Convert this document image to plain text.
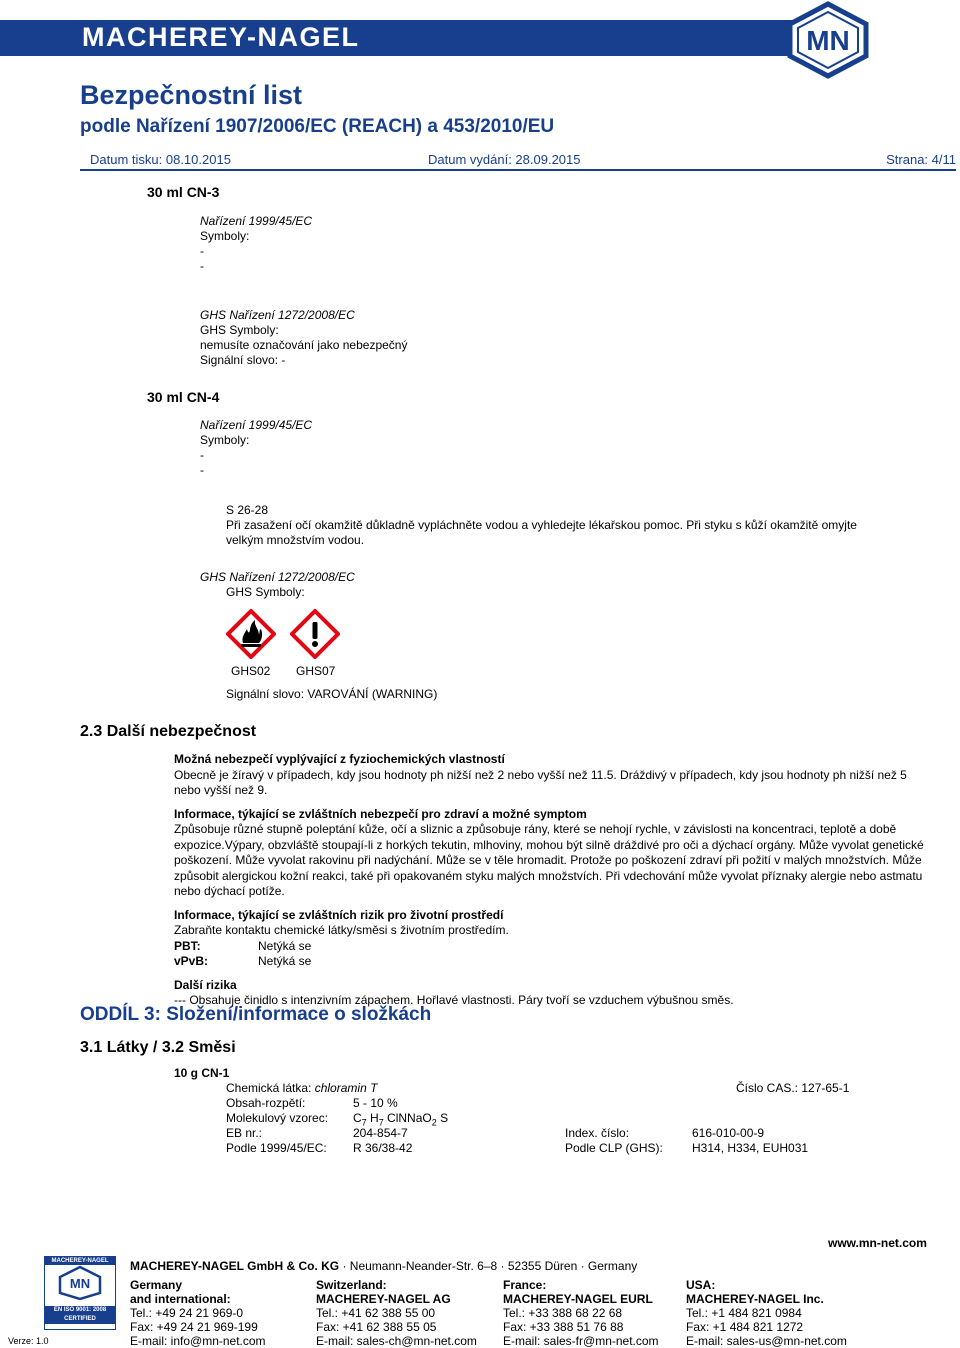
MACHEREY-NAGEL	MN
Bezpečnostní list
podle Nařízení 1907/2006/EC (REACH) a 453/2010/EU
Datum tisku: 08.10.2015	Datum vydání: 28.09.2015	Strana: 4/11
30 ml CN-3
Nařízení 1999/45/EC
Symboly:
-
-
GHS Nařízení 1272/2008/EC
GHS Symboly:
nemusíte označování jako nebezpečný
Signální slovo: -
30 ml CN-4
Nařízení 1999/45/EC
Symboly:
-
-
S 26-28
Při zasažení očí okamžitě důkladně vypláchněte vodou a vyhledejte lékařskou pomoc. Při styku s kůží okamžitě omyjte
velkým množstvím vodou.
GHS Nařízení 1272/2008/EC
GHS Symboly:
GHS02 GHS07
Signální slovo: VAROVÁNÍ (WARNING)
2.3 Další nebezpečnost

Možná nebezpečí vyplývající z fyziochemických vlastností

Obecně je žíravý v případech, kdy jsou hodnoty ph nižší než 2 nebo vyšší než 11.5. Dráždivý v případech, kdy jsou hodnoty ph nižší než 5 nebo vyšší než 9.

Informace, týkající se zvláštních nebezpečí pro zdraví a možné symptom

Způsobuje různé stupně poleptání kůže, očí a sliznic a způsobuje rány, které se nehojí rychle, v závislosti na koncentraci, teplotě a době expozice.Výpary, obzvláště stoupají-li z horkých tekutin, mlhoviny, mohou být silně dráždivé pro oči a dýchací orgány. Může vyvolat genetické poškození. Může vyvolat rakovinu při nadýchání. Může se v těle hromadit. Protože po poškození zdraví při požití v malých množstvích. Může způsobit alergickou kožní reakci, také při opakovaném styku malých množstvích. Při vdechování může vyvolat příznaky alergie nebo astmatu nebo dýchací potíže.

Informace, týkající se zvláštních rizik pro životní prostředí

Zabraňte kontaktu chemické látky/směsi s životním prostředím.

PBT:	Netýká se

vPvB:	Netýká se

Další rizika

--- Obsahuje činidlo s intenzivním zápachem. Hořlavé vlastnosti. Páry tvoří se vzduchem výbušnou směs.

ODDÍL 3: Složení/informace o složkách
3.1 Látky / 3.2 Směsi
10 g CN-1
Chemická látka: chloramin T	Číslo CAS.: 127-65-1
Obsah-rozpětí:	5 - 10 %
Molekulový vzorec: $C_7$ $H_7$ ClNNaO$_2$ S
EB nr.:	204-854-7	Index. číslo:	616-010-00-9
Podle 1999/45/EC: R 36/38-42	Podle CLP (GHS): H314, H334, EUH031
www.mn-net.com
MACHEREY-NAGEL GmbH & Co. KG · Neumann-Neander-Str. 6–8 · 52355 Düren · Germany
MACHEREY-NAGEL
MN
EN ISO 9001: 2008
CERTIFIED
Verze: 1.0
Germany
and international:
Tel.: +49 24 21 969-0
Fax: +49 24 21 969-199
E-mail: info@mn-net.com
Switzerland:
MACHEREY-NAGEL AG
Tel.: +41 62 388 55 00
Fax: +41 62 388 55 05
E-mail: sales-ch@mn-net.com
France:
MACHEREY-NAGEL EURL
Tel.: +33 388 68 22 68
Fax: +33 388 51 76 88
E-mail: sales-fr@mn-net.com
USA:
MACHEREY-NAGEL Inc.
Tel.: +1 484 821 0984
Fax: +1 484 821 1272
E-mail: sales-us@mn-net.com
